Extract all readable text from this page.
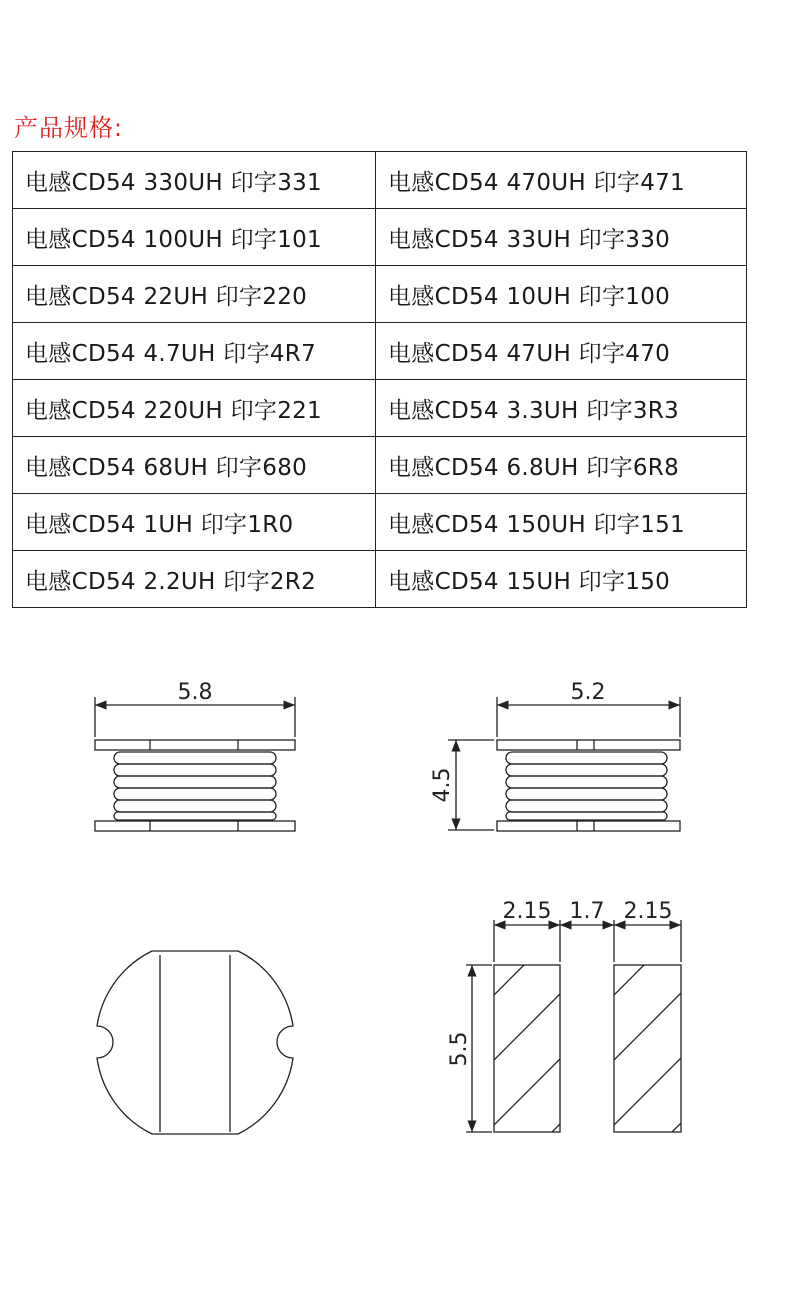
产品规格:
电感CD54 330UH 印字331	电感CD54 470UH 印字471
电感CD54 100UH 印字101	电感CD54 33UH 印字330
电感CD54 22UH 印字220	电感CD54 10UH 印字100
电感CD54 4.7UH 印字4R7	电感CD54 47UH 印字470
电感CD54 220UH 印字221	电感CD54 3.3UH 印字3R3
电感CD54 68UH 印字680	电感CD54 6.8UH 印字6R8
电感CD54 1UH 印字1R0	电感CD54 150UH 印字151
电感CD54 2.2UH 印字2R2	电感CD54 15UH 印字150
5.8	5.2
4.5
2.15 1.7 2.15
5.5
